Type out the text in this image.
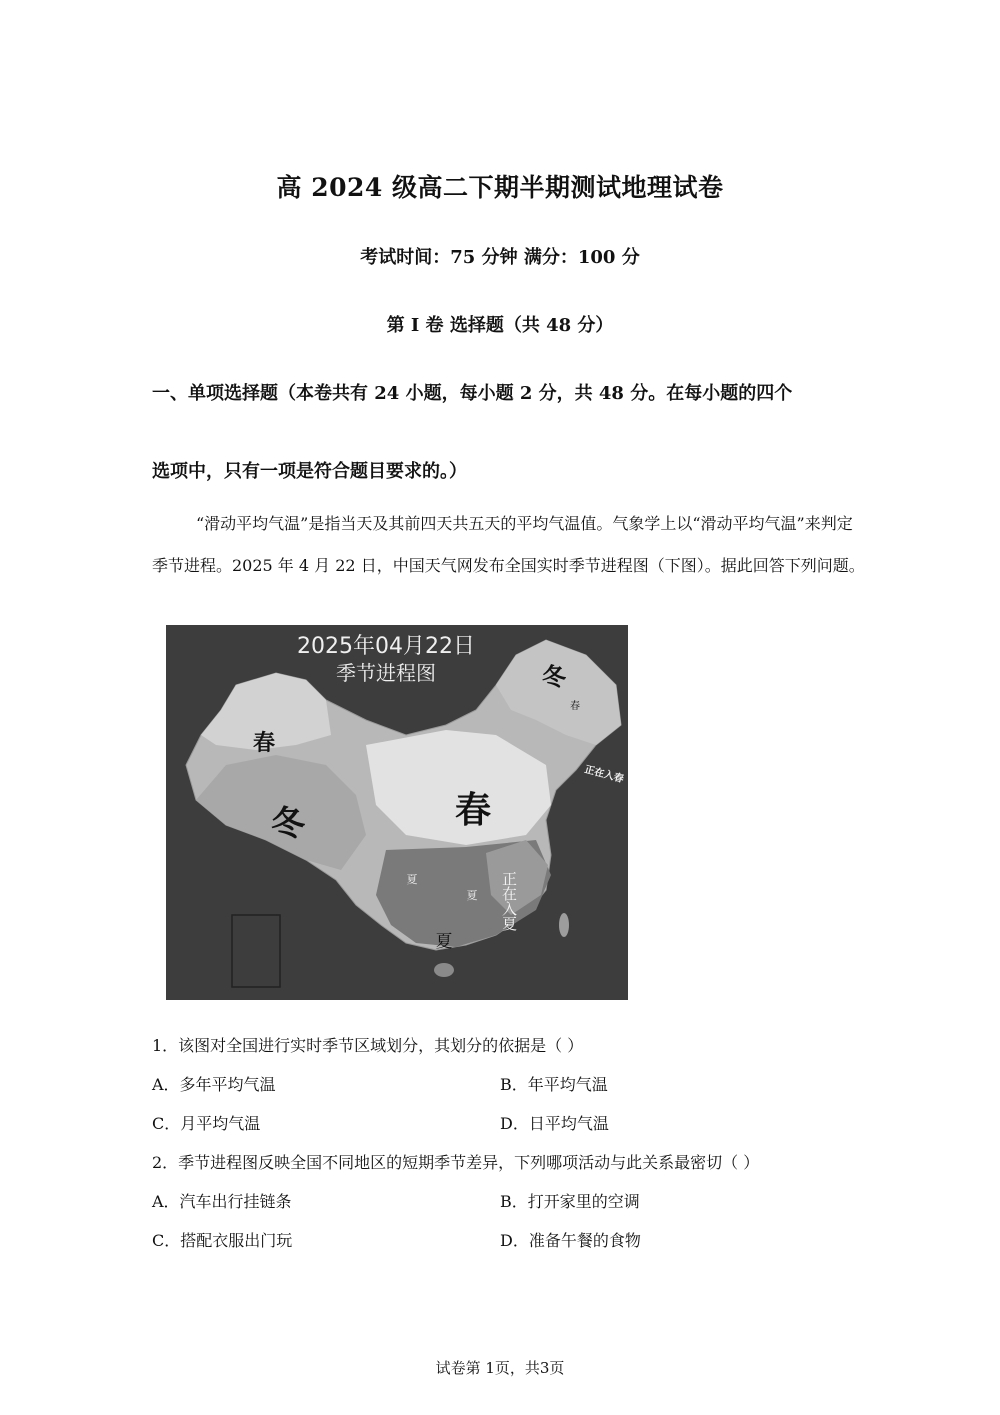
高 2024 级高二下期半期测试地理试卷
考试时间：75 分钟 满分：100 分
第 I 卷 选择题（共 48 分）
一、单项选择题（本卷共有 24 小题，每小题 2 分，共 48 分。在每小题的四个
选项中，只有一项是符合题目要求的。）
“滑动平均气温”是指当天及其前四天共五天的平均气温值。气象学上以“滑动平均气温”来判定季节进程。2025 年 4 月 22 日，中国天气网发布全国实时季节进程图（下图）。据此回答下列问题。
2025年04月22日
季节进程图	冬
春
正在入春
春
冬	春
夏
夏 正在入夏
夏
1．该图对全国进行实时季节区域划分，其划分的依据是（ ）
A．多年平均气温	B．年平均气温
C．月平均气温	D．日平均气温
2．季节进程图反映全国不同地区的短期季节差异，下列哪项活动与此关系最密切（ ）
A．汽车出行挂链条	B．打开家里的空调
C．搭配衣服出门玩	D．准备午餐的食物
试卷第 1页，共3页
